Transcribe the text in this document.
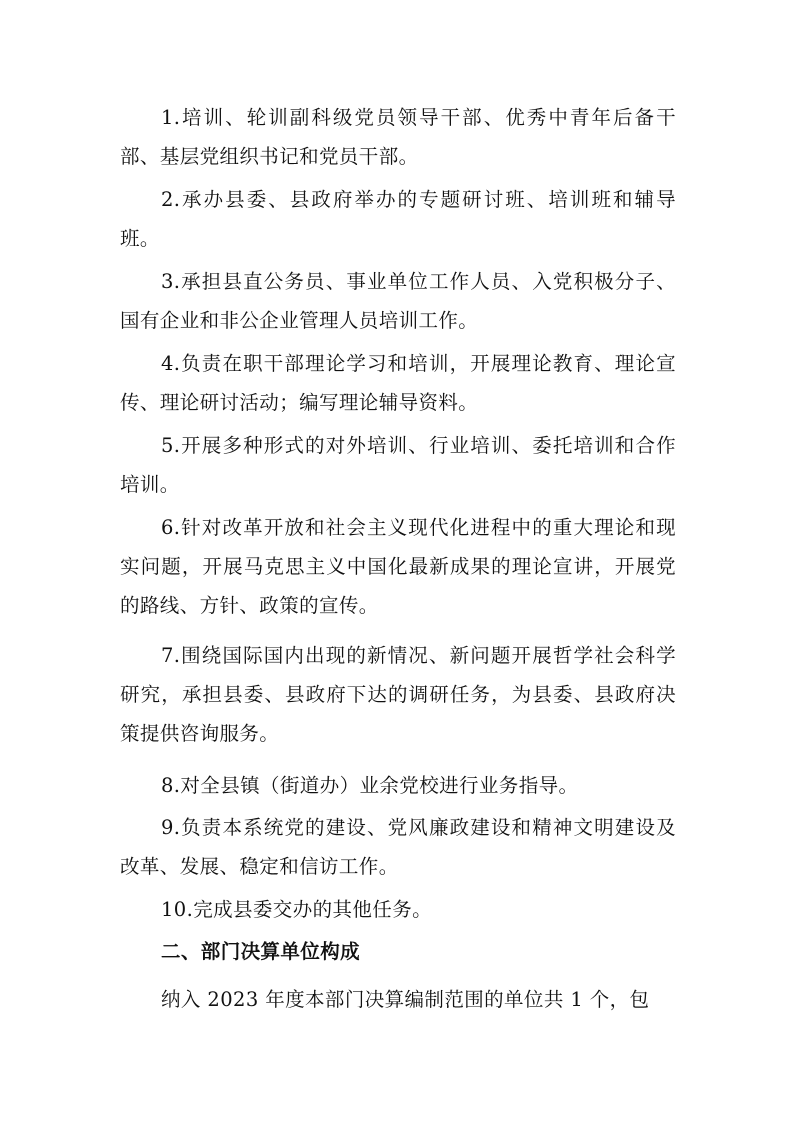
1.培训、轮训副科级党员领导干部、优秀中青年后备干部、基层党组织书记和党员干部。

2.承办县委、县政府举办的专题研讨班、培训班和辅导班。

3.承担县直公务员、事业单位工作人员、入党积极分子、国有企业和非公企业管理人员培训工作。

4.负责在职干部理论学习和培训，开展理论教育、理论宣传、理论研讨活动；编写理论辅导资料。

5.开展多种形式的对外培训、行业培训、委托培训和合作培训。

6.针对改革开放和社会主义现代化进程中的重大理论和现实问题，开展马克思主义中国化最新成果的理论宣讲，开展党的路线、方针、政策的宣传。

7.围绕国际国内出现的新情况、新问题开展哲学社会科学研究，承担县委、县政府下达的调研任务，为县委、县政府决策提供咨询服务。

8.对全县镇（街道办）业余党校进行业务指导。

9.负责本系统党的建设、党风廉政建设和精神文明建设及改革、发展、稳定和信访工作。

10.完成县委交办的其他任务。

二、部门决算单位构成

纳入 2023 年度本部门决算编制范围的单位共 1 个，包
